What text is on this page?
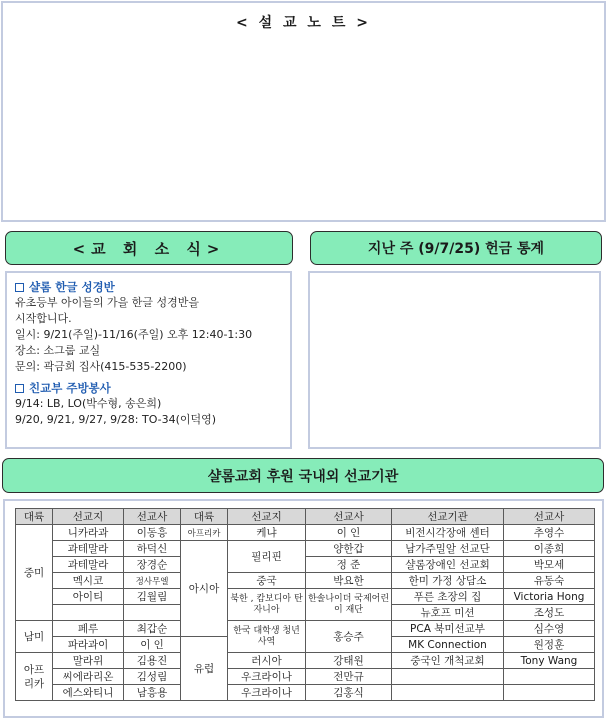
< 설 교 노 트 >
<교 회 소 식>	지난 주 (9/7/25) 헌금 통계
샬롬 한글 성경반
유초등부 아이들의 가을 한글 성경반을
시작합니다.
일시: 9/21(주일)-11/16(주일) 오후 12:40-1:30
장소: 소그룹 교실
문의: 곽금희 집사(415-535-2200)
친교부 주방봉사
9/14: LB, LO(박수형, 송은희)
9/20, 9/21, 9/27, 9/28: TO-34(이덕영)
샬롬교회 후원 국내외 선교기관
대륙	선교지	선교사	대륙	선교지	선교사	선교기관	선교사
중미	니카라과	이동흥	아프리카	케냐	이 인	비전시각장애 센터	추영수
	과테말라	하덕신	아시아	필리핀	양한갑	남가주밀알 선교단	이종희
	과테말라	장경순			정 준	샬롬장애인 선교회	박모세
	멕시코	정사무엘		중국	박요한	한미 가정 상담소	유동숙
	아이티	김월림		북한 , 캄보디아 탄자니아	한솔나이더 국제어린이 재단	푸른 초장의 집	Victoria Hong
						뉴호프 미션	조성도
남미	페루	최갑순		한국 대학생 청년 사역	홍승주	PCA 북미선교부	심수영
	파라과이	이 인	유럽			MK Connection	원정훈
아프리카	말라위	김용진		러시아	강태원	중국인 개척교회	Tony Wang
	씨에라리온	김성림		우크라이나	전만규		
	에스와티니	남흥용		우크라이나	김홍식		
